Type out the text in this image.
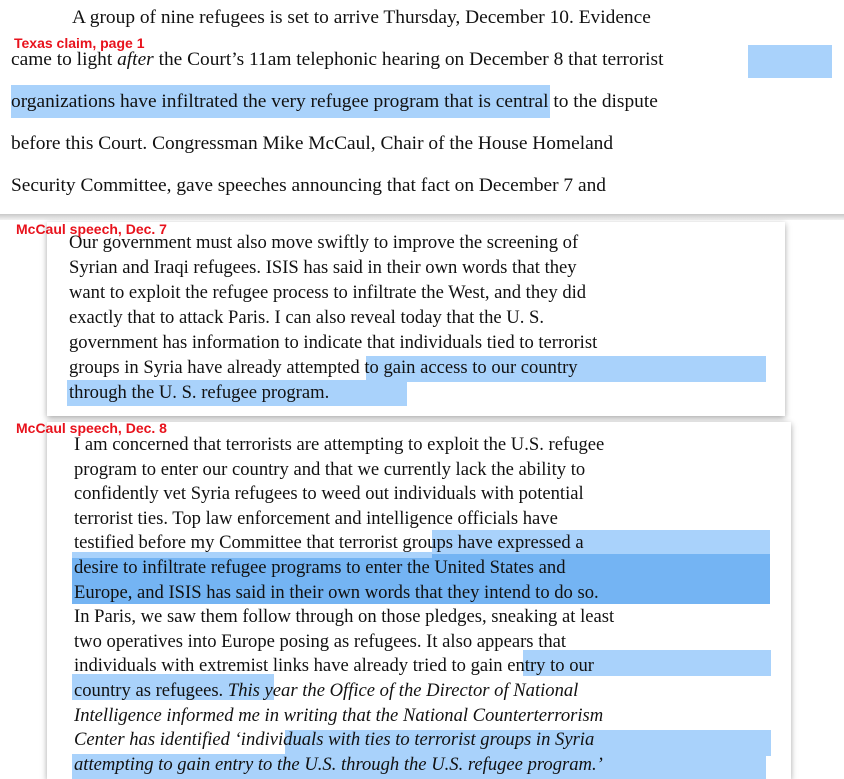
A group of nine refugees is set to arrive Thursday, December 10. Evidence
came to light after the Court’s 11am telephonic hearing on December 8 that terrorist
organizations have infiltrated the very refugee program that is central to the dispute
before this Court. Congressman Mike McCaul, Chair of the House Homeland
Security Committee, gave speeches announcing that fact on December 7 and
Texas claim, page 1
Our government must also move swiftly to improve the screening of
Syrian and Iraqi refugees. ISIS has said in their own words that they
want to exploit the refugee process to infiltrate the West, and they did
exactly that to attack Paris. I can also reveal today that the U. S.
government has information to indicate that individuals tied to terrorist
groups in Syria have already attempted to gain access to our country
through the U. S. refugee program.
McCaul speech, Dec. 7
I am concerned that terrorists are attempting to exploit the U.S. refugee
program to enter our country and that we currently lack the ability to
confidently vet Syria refugees to weed out individuals with potential
terrorist ties. Top law enforcement and intelligence officials have
testified before my Committee that terrorist groups have expressed a
desire to infiltrate refugee programs to enter the United States and
Europe, and ISIS has said in their own words that they intend to do so.
In Paris, we saw them follow through on those pledges, sneaking at least
two operatives into Europe posing as refugees. It also appears that
individuals with extremist links have already tried to gain entry to our
country as refugees. This year the Office of the Director of National
Intelligence informed me in writing that the National Counterterrorism
Center has identified ‘individuals with ties to terrorist groups in Syria
attempting to gain entry to the U.S. through the U.S. refugee program.’
McCaul speech, Dec. 8
